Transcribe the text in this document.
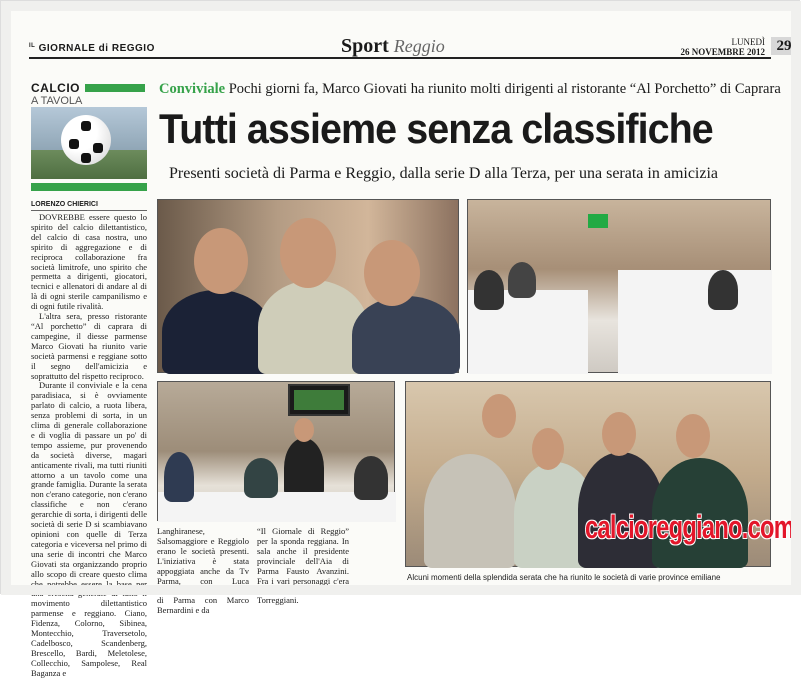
$^{IL}$ GIORNALE di REGGIO	Sport Reggio	LUNEDÌ
26 NOVEMBRE 2012 29
CALCIO
A TAVOLA
LORENZO CHIERICI

DOVREBBE essere questo lo spirito del calcio dilettantistico, del calcio di casa nostra, uno spirito di aggregazione e di reciproca collaborazione fra società limitrofe, uno spirito che permetta a dirigenti, giocatori, tecnici e allenatori di andare al di là di ogni sterile campanilismo e di ogni futile rivalità.

L'altra sera, presso ristorante “Al porchetto” di caprara di campegine, il diesse parmense Marco Giovati ha riunito varie società parmensi e reggiane sotto il segno dell'amicizia e soprattutto del rispetto reciproco.

Durante il conviviale e la cena paradisiaca, si è ovviamente parlato di calcio, a ruota libera, senza problemi di sorta, in un clima di generale collaborazione e di voglia di passare un po' di tempo assieme, pur provenendo da società diverse, magari anticamente rivali, ma tutti riuniti attorno a un tavolo come una grande famiglia. Durante la serata non c'erano categorie, non c'erano classifiche e non c'erano gerarchie di sorta, i dirigenti delle società di serie D si scambiavano opinioni con quelle di Terza categoria e viceversa nel primo di una serie di incontri che Marco Giovati sta organizzando proprio allo scopo di creare questo clima che potrebbe essere la base per una crescita generale di tutto il movimento dilettantistico parmense e reggiano. Ciano, Fidenza, Colorno, Sibinea, Montecchio, Traversetolo, Cadelbosco, Scandenberg, Brescello, Bardi, Meletolese, Collecchio, Sampolese, Real Baganza e

Conviviale Pochi giorni fa, Marco Giovati ha riunito molti dirigenti al ristorante “Al Porchetto” di Caprara
Tutti assieme senza classifiche
Presenti società di Parma e Reggio, dalla serie D alla Terza, per una serata in amicizia

Langhiranese, Salsomaggiore e Reggiolo erano le società presenti. L'iniziativa è stata appoggiata anche da Tv Parma, con Luca Romenghi, dalla Gazzetta di Parma con Marco Bernardini e da

“Il Giornale di Reggio” per la sponda reggiana. In sala anche il presidente provinciale dell'Aia di Parma Fausto Avanzini. Fra i vari personaggi c'era anche il mitico Gabriele Torreggiani.

calcioreggiano.com
Alcuni momenti della splendida serata che ha riunito le società di varie province emiliane
